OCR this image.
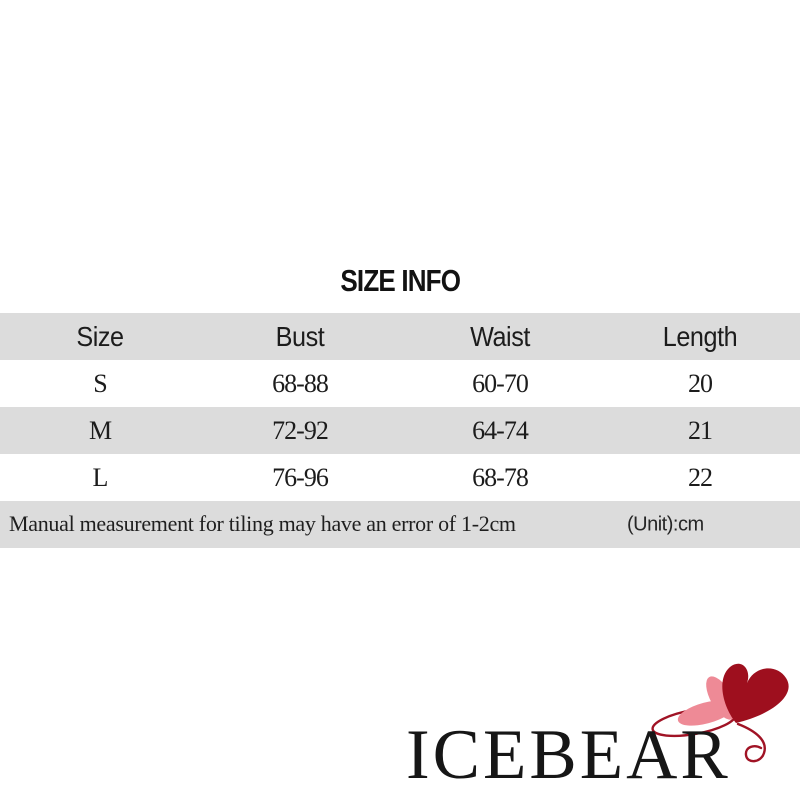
SIZE INFO
Size	Bust	Waist	Length
S	68-88	60-70	20
M	72-92	64-74	21
L	76-96	68-78	22
Manual measurement for tiling may have an error of 1-2cm	(Unit):cm
ICEBEAR
